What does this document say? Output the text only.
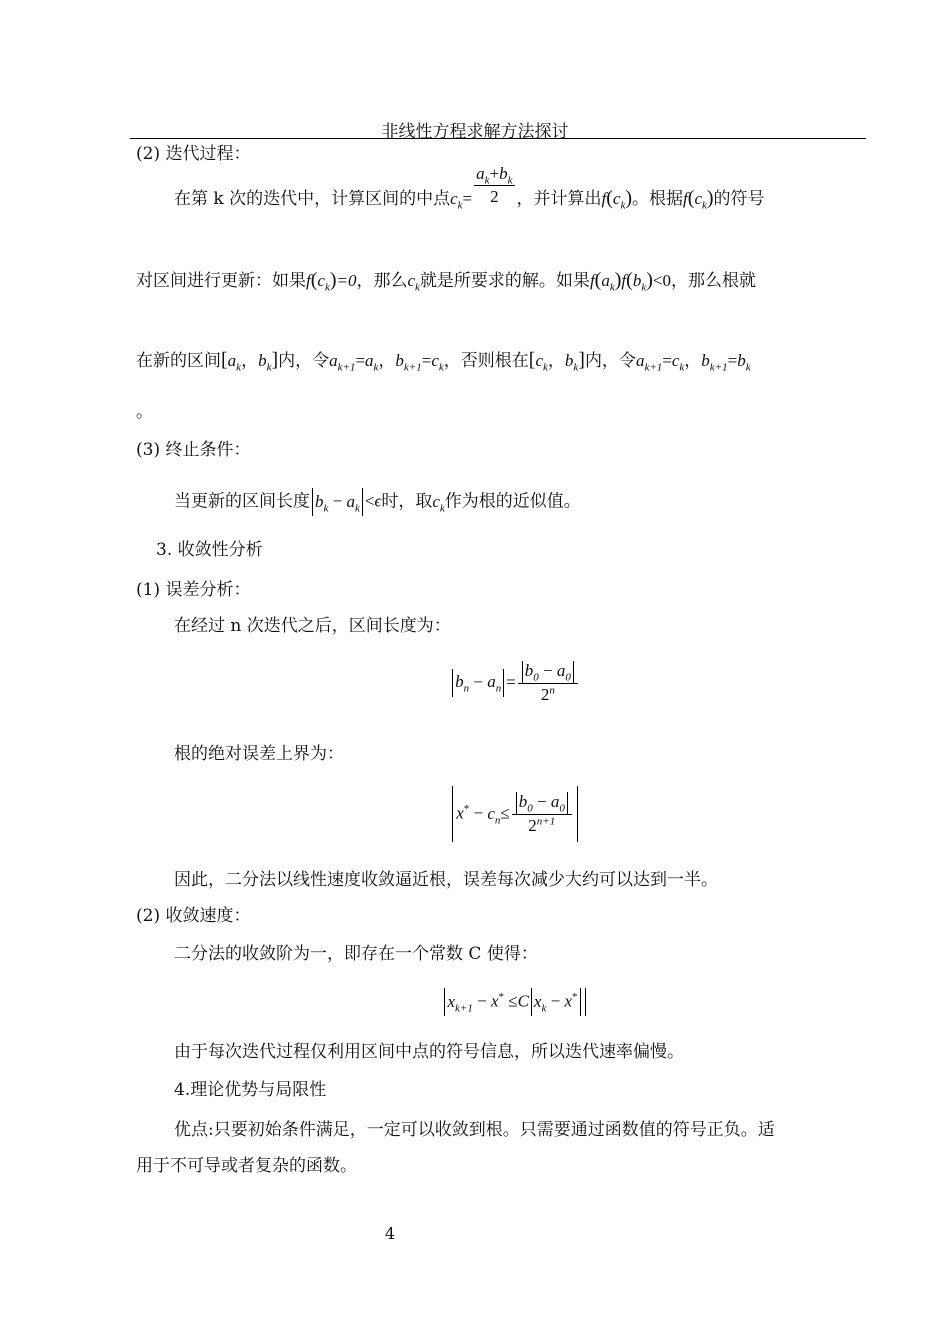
非线性方程求解方法探讨
(2) 迭代过程：
在第 k 次的迭代中，计算区间的中点$c_k= \frac{a_k+b_k}{2}$ ，并计算出$f(c_k)$。根据$f(c_k)$的符号
对区间进行更新：如果$f(c_k)=0$，那么$c_k$就是所要求的解。如果$f(a_k)f(b_k)<0$，那么根就
在新的区间[$a_k$，$b_k$]内，令$a_{k+1}=a_k$，$b_{k+1}=c_k$，否则根在[$c_k$，$b_k$]内，令$a_{k+1}=c_k$，$b_{k+1}=b_k$
。
(3) 终止条件：
当更新的区间长度 $b_k - a_k <\epsilon$时，取$c_k$作为根的近似值。
3. 收敛性分析
(1) 误差分析：
在经过 n 次迭代之后，区间长度为：
$b_n - a_n = \frac{b_0 - a_0}{2^n}$
根的绝对误差上界为：
$x^* - c_n\le \frac{b_0 - a_0}{2^{n+1}}$
因此，二分法以线性速度收敛逼近根，误差每次减少大约可以达到一半。
(2) 收敛速度：
二分法的收敛阶为一，即存在一个常数 C 使得：
$x_{k+1} - x^* \le C$ $x_k - x^*$
由于每次迭代过程仅利用区间中点的符号信息，所以迭代速率偏慢。
4.理论优势与局限性
优点:只要初始条件满足，一定可以收敛到根。只需要通过函数值的符号正负。适
用于不可导或者复杂的函数。
4
